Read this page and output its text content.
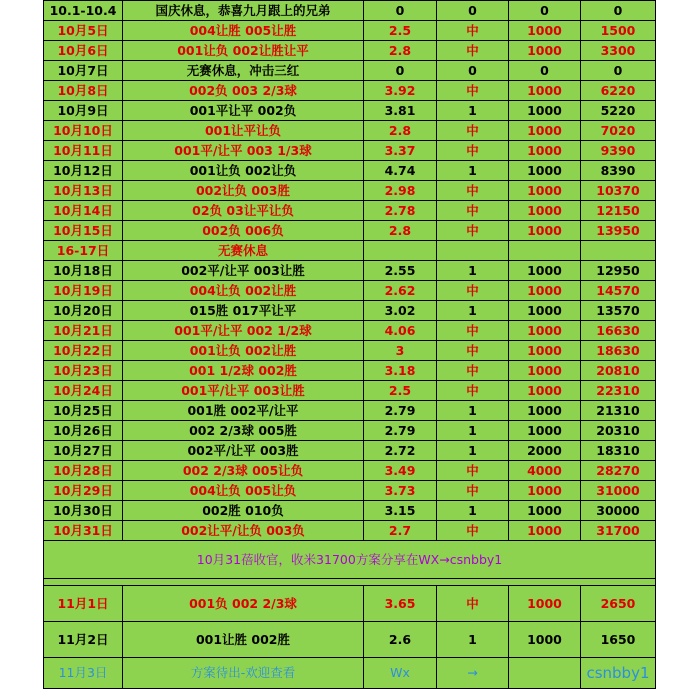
10.1-10.4	国庆休息，恭喜九月跟上的兄弟	0	0	0	0
10月5日	004让胜 005让胜	2.5	中	1000	1500
10月6日	001让负 002让胜让平	2.8	中	1000	3300
10月7日	无赛休息，冲击三红	0	0	0	0
10月8日	002负 003 2/3球	3.92	中	1000	6220
10月9日	001平让平 002负	3.81	1	1000	5220
10月10日	001让平让负	2.8	中	1000	7020
10月11日	001平/让平 003 1/3球	3.37	中	1000	9390
10月12日	001让负 002让负	4.74	1	1000	8390
10月13日	002让负 003胜	2.98	中	1000	10370
10月14日	02负 03让平让负	2.78	中	1000	12150
10月15日	002负 006负	2.8	中	1000	13950
16-17日	无赛休息				
10月18日	002平/让平 003让胜	2.55	1	1000	12950
10月19日	004让负 002让胜	2.62	中	1000	14570
10月20日	015胜 017平让平	3.02	1	1000	13570
10月21日	001平/让平 002 1/2球	4.06	中	1000	16630
10月22日	001让负 002让胜	3	中	1000	18630
10月23日	001 1/2球 002胜	3.18	中	1000	20810
10月24日	001平/让平 003让胜	2.5	中	1000	22310
10月25日	001胜 002平/让平	2.79	1	1000	21310
10月26日	002 2/3球 005胜	2.79	1	1000	20310
10月27日	002平/让平 003胜	2.72	1	2000	18310
10月28日	002 2/3球 005让负	3.49	中	4000	28270
10月29日	004让负 005让负	3.73	中	1000	31000
10月30日	002胜 010负	3.15	1	1000	30000
10月31日	002让平/让负 003负	2.7	中	1000	31700
10月31蓓收官，收米31700方案分享在WX→csnbby1					

11月1日	001负 002 2/3球	3.65	中	1000	2650
11月2日	001让胜 002胜	2.6	1	1000	1650
11月3日	方案待出-欢迎查看	Wx	→		csnbby1
